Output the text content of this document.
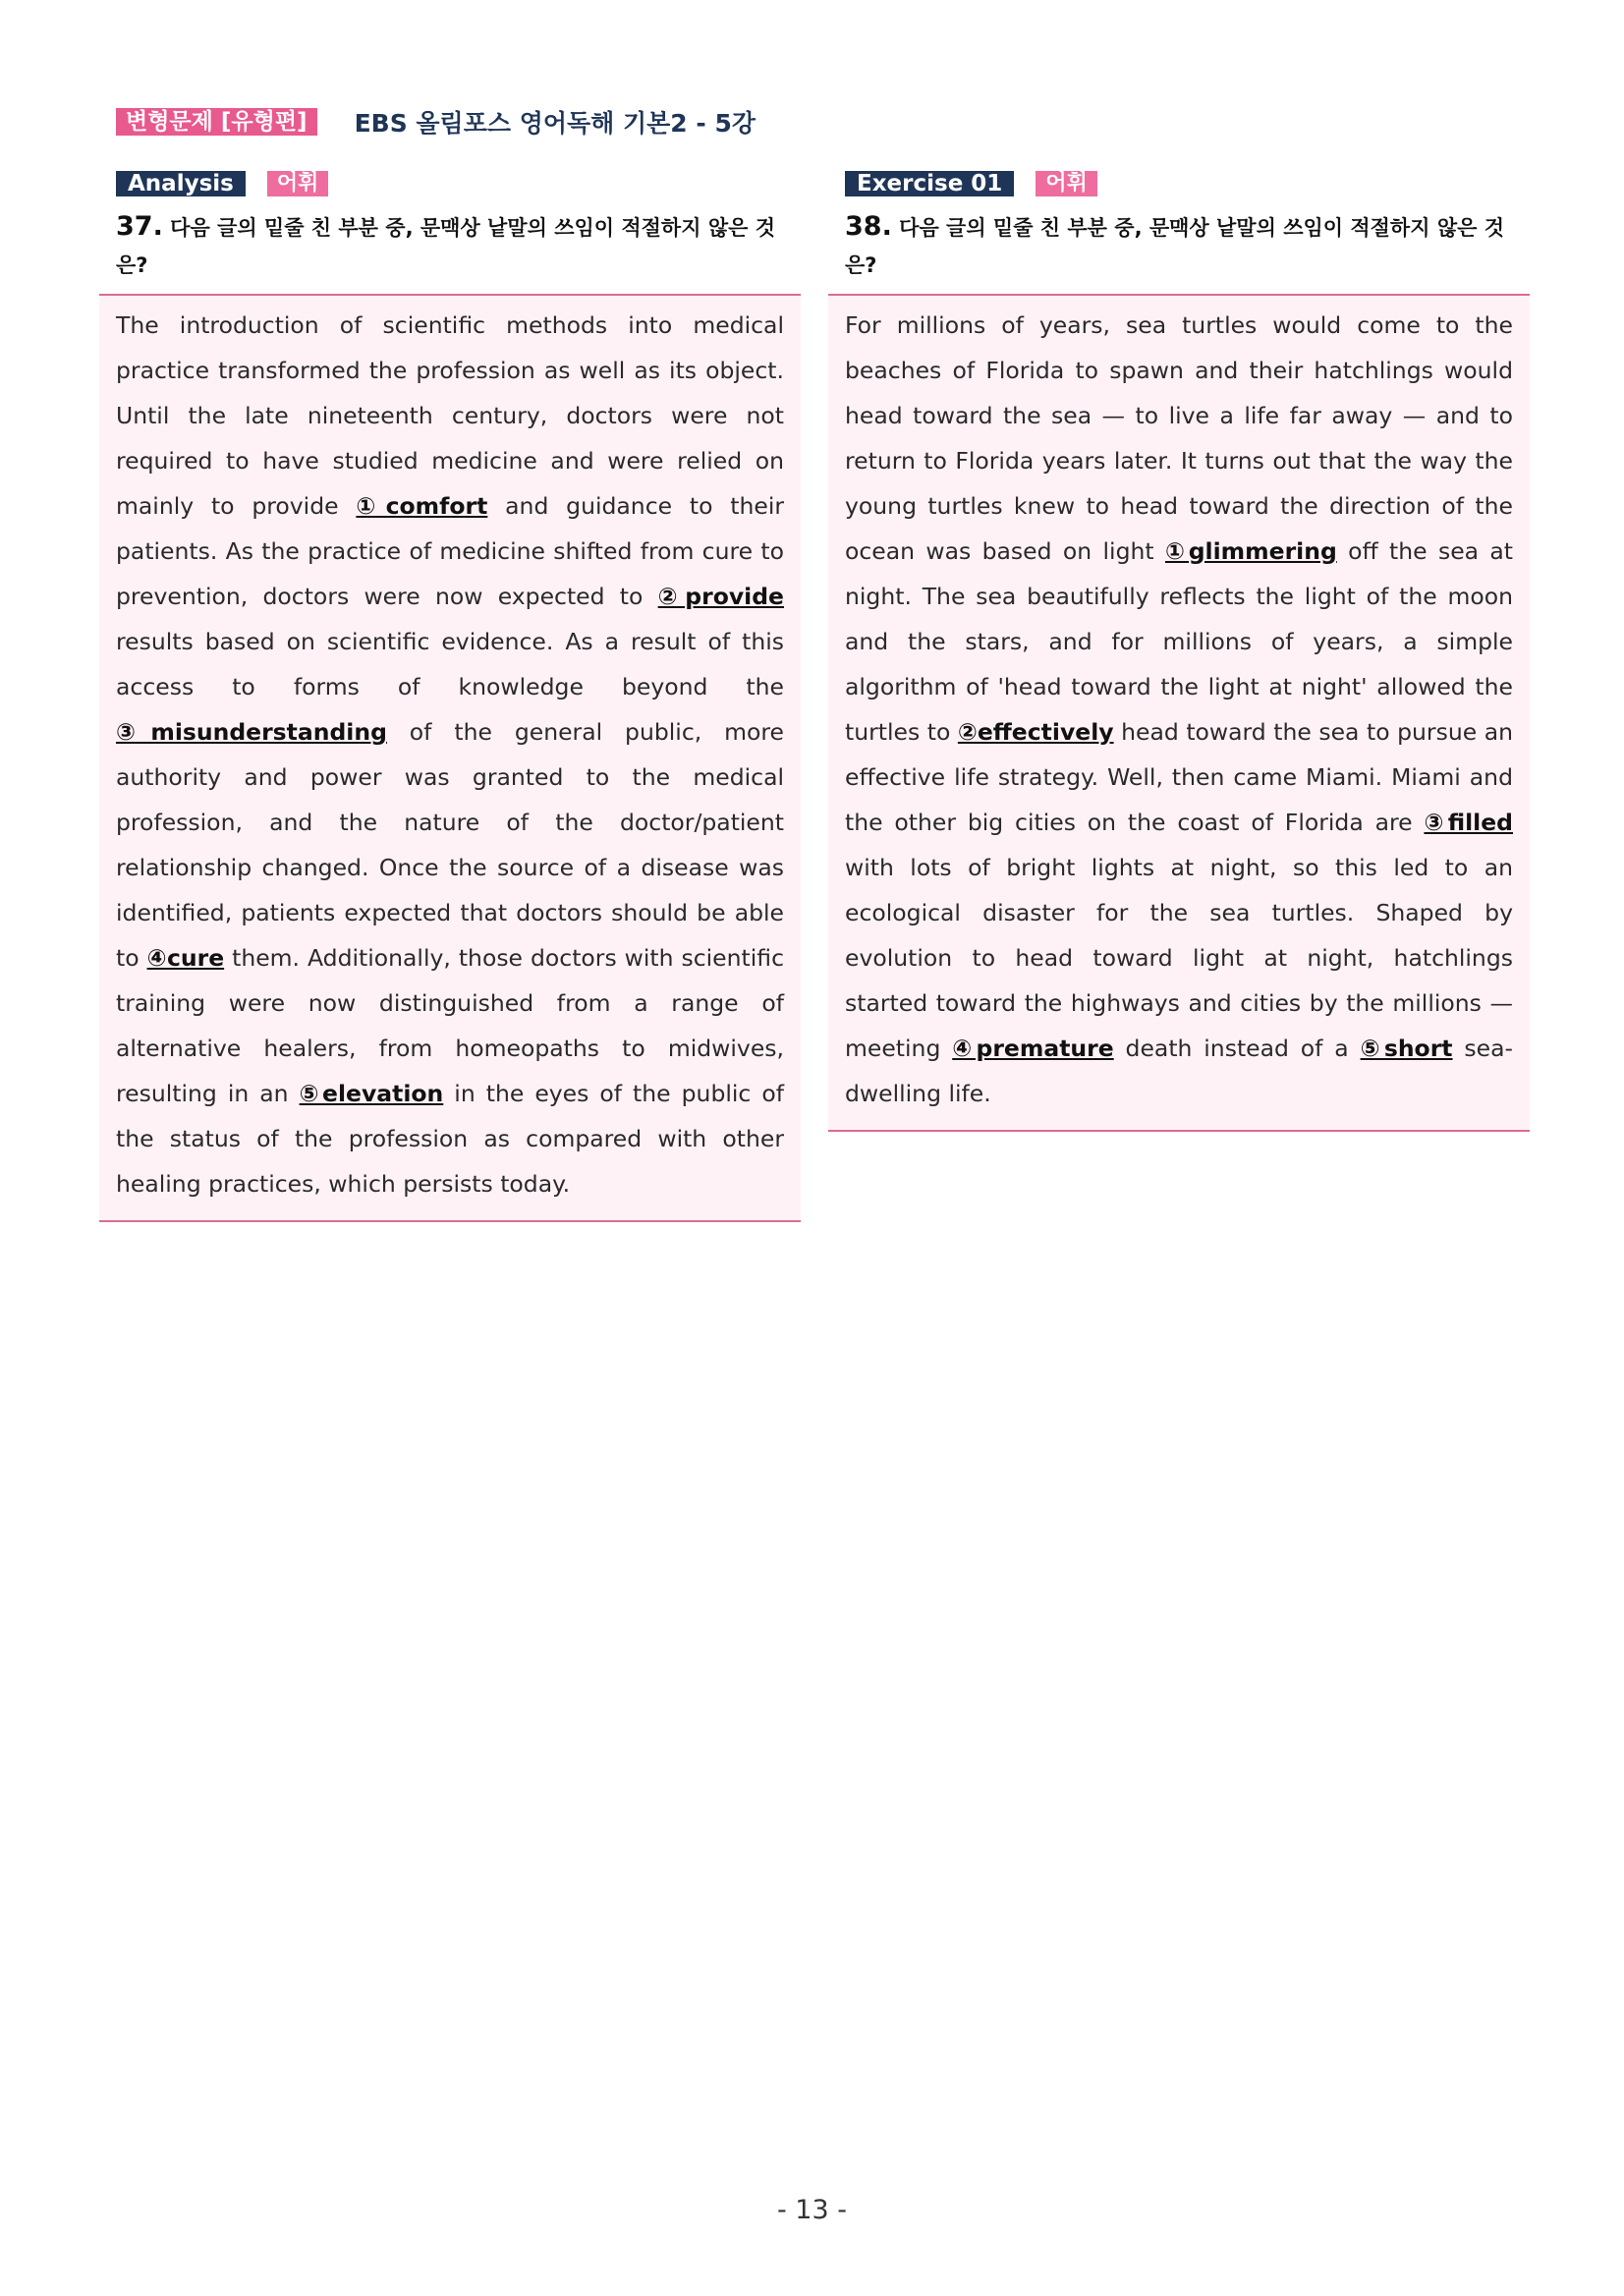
변형문제 [유형편]	EBS 올림포스 영어독해 기본2 - 5강
Analysis	어휘
37. 다음 글의 밑줄 친 부분 중, 문맥상 낱말의 쓰임이 적절하지 않은 것은?
The introduction of scientific methods into medical practice transformed the profession as well as its object. Until the late nineteenth century, doctors were not required to have studied medicine and were relied on mainly to provide ①comfort and guidance to their patients. As the practice of medicine shifted from cure to prevention, doctors were now expected to ②provide results based on scientific evidence. As a result of this access to forms of knowledge beyond the ③misunderstanding of the general public, more authority and power was granted to the medical profession, and the nature of the doctor/patient relationship changed. Once the source of a disease was identified, patients expected that doctors should be able to ④cure them. Additionally, those doctors with scientific training were now distinguished from a range of alternative healers, from homeopaths to midwives, resulting in an ⑤elevation in the eyes of the public of the status of the profession as compared with other healing practices, which persists today.
Exercise 01	어휘
38. 다음 글의 밑줄 친 부분 중, 문맥상 낱말의 쓰임이 적절하지 않은 것은?
For millions of years, sea turtles would come to the beaches of Florida to spawn and their hatchlings would head toward the sea — to live a life far away — and to return to Florida years later. It turns out that the way the young turtles knew to head toward the direction of the ocean was based on light ①glimmering off the sea at night. The sea beautifully reflects the light of the moon and the stars, and for millions of years, a simple algorithm of 'head toward the light at night' allowed the turtles to ②effectively head toward the sea to pursue an effective life strategy. Well, then came Miami. Miami and the other big cities on the coast of Florida are ③filled with lots of bright lights at night, so this led to an ecological disaster for the sea turtles. Shaped by evolution to head toward light at night, hatchlings started toward the highways and cities by the millions — meeting ④premature death instead of a ⑤short sea-dwelling life.
- 13 -
